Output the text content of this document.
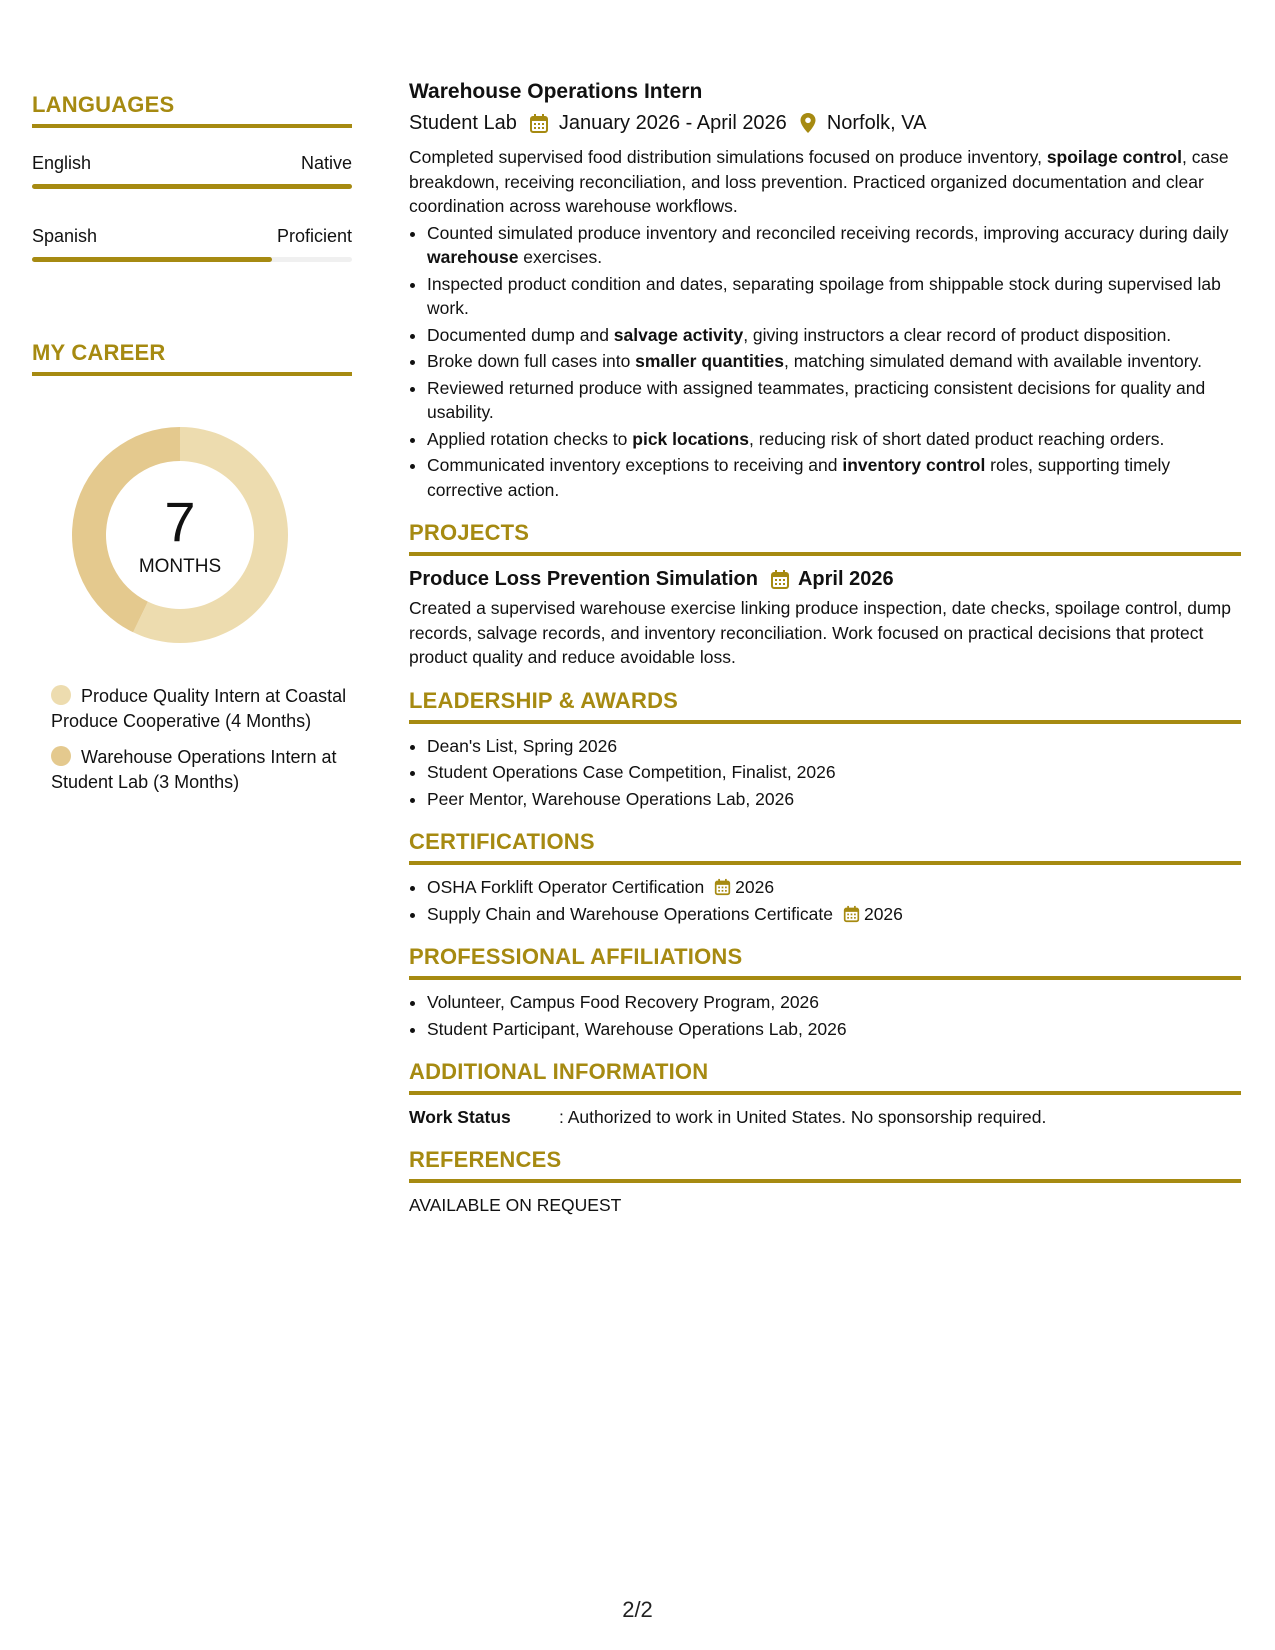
LANGUAGES
English	Native
Spanish	Proficient
MY CAREER
7
MONTHS
Produce Quality Intern at Coastal Produce Cooperative (4 Months)
Warehouse Operations Intern at Student Lab (3 Months)
Warehouse Operations Intern
Student Lab January 2026 - April 2026 Norfolk, VA
Completed supervised food distribution simulations focused on produce inventory, spoilage control, case breakdown, receiving reconciliation, and loss prevention. Practiced organized documentation and clear coordination across warehouse workflows.
• Counted simulated produce inventory and reconciled receiving records, improving accuracy during daily warehouse exercises.
• Inspected product condition and dates, separating spoilage from shippable stock during supervised lab work.
• Documented dump and salvage activity, giving instructors a clear record of product disposition.
• Broke down full cases into smaller quantities, matching simulated demand with available inventory.
• Reviewed returned produce with assigned teammates, practicing consistent decisions for quality and usability.
• Applied rotation checks to pick locations, reducing risk of short dated product reaching orders.
• Communicated inventory exceptions to receiving and inventory control roles, supporting timely corrective action.
PROJECTS
Produce Loss Prevention Simulation April 2026
Created a supervised warehouse exercise linking produce inspection, date checks, spoilage control, dump records, salvage records, and inventory reconciliation. Work focused on practical decisions that protect product quality and reduce avoidable loss.
LEADERSHIP & AWARDS
• Dean's List, Spring 2026
• Student Operations Case Competition, Finalist, 2026
• Peer Mentor, Warehouse Operations Lab, 2026
CERTIFICATIONS
• OSHA Forklift Operator Certification 2026
• Supply Chain and Warehouse Operations Certificate 2026
PROFESSIONAL AFFILIATIONS
• Volunteer, Campus Food Recovery Program, 2026
• Student Participant, Warehouse Operations Lab, 2026
ADDITIONAL INFORMATION
Work Status	: Authorized to work in United States. No sponsorship required.
REFERENCES
AVAILABLE ON REQUEST
2/2
